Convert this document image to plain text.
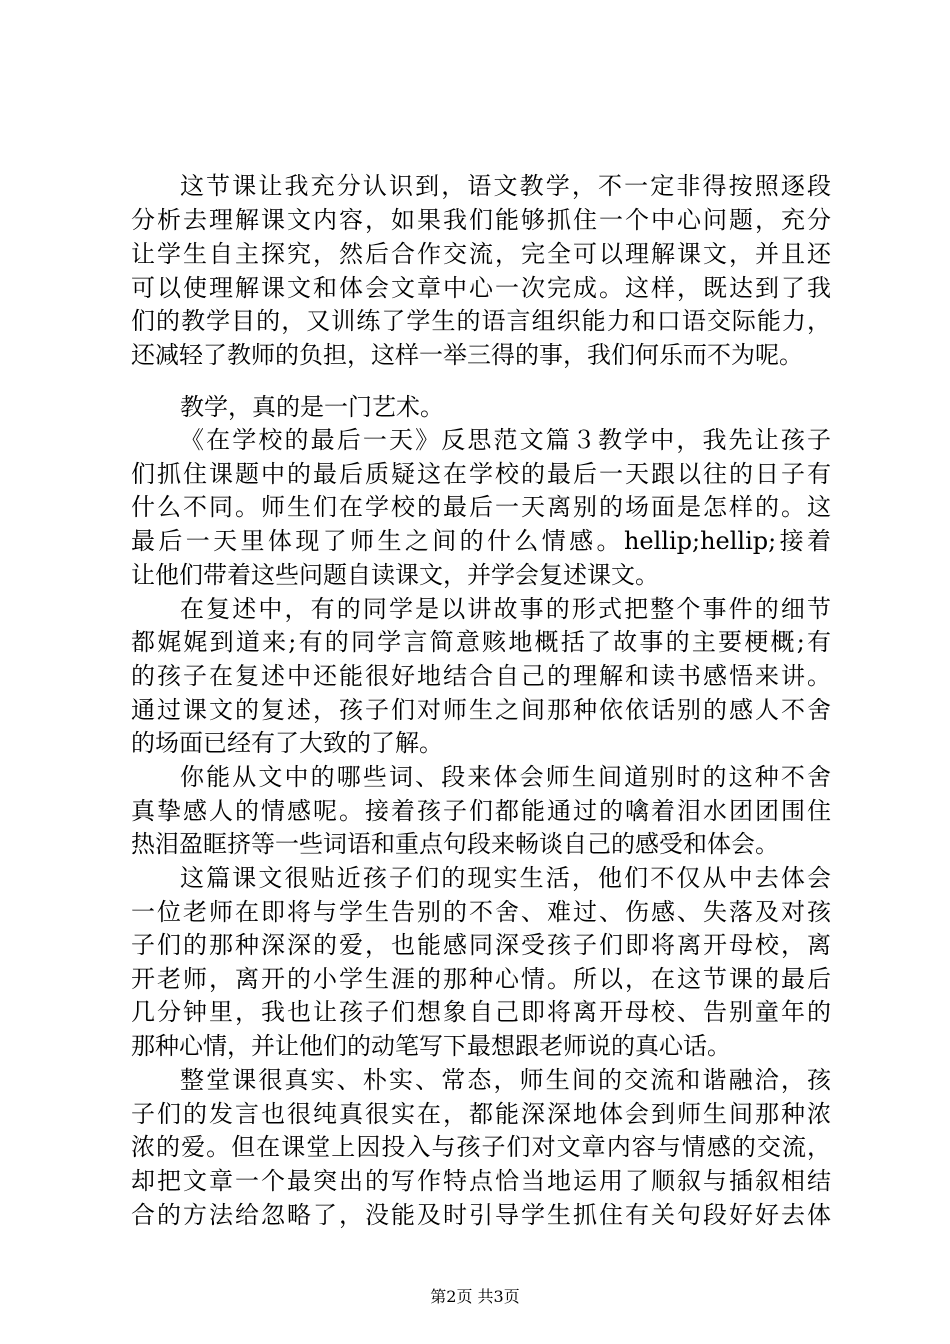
这节课让我充分认识到，语文教学，不一定非得按照逐段
分析去理解课文内容，如果我们能够抓住一个中心问题，充分
让学生自主探究，然后合作交流，完全可以理解课文，并且还
可以使理解课文和体会文章中心一次完成。这样，既达到了我
们的教学目的，又训练了学生的语言组织能力和口语交际能力，
还减轻了教师的负担，这样一举三得的事，我们何乐而不为呢。
教学，真的是一门艺术。
《在学校的最后一天》反思范文篇３教学中，我先让孩子
们抓住课题中的最后质疑这在学校的最后一天跟以往的日子有
什么不同。师生们在学校的最后一天离别的场面是怎样的。这
最后一天里体现了师生之间的什么情感。hellip;hellip;接着
让他们带着这些问题自读课文，并学会复述课文。
在复述中，有的同学是以讲故事的形式把整个事件的细节
都娓娓到道来;有的同学言简意赅地概括了故事的主要梗概;有
的孩子在复述中还能很好地结合自己的理解和读书感悟来讲。
通过课文的复述，孩子们对师生之间那种依依话别的感人不舍
的场面已经有了大致的了解。
你能从文中的哪些词、段来体会师生间道别时的这种不舍
真挚感人的情感呢。接着孩子们都能通过的噙着泪水团团围住
热泪盈眶挤等一些词语和重点句段来畅谈自己的感受和体会。
这篇课文很贴近孩子们的现实生活，他们不仅从中去体会
一位老师在即将与学生告别的不舍、难过、伤感、失落及对孩
子们的那种深深的爱，也能感同深受孩子们即将离开母校，离
开老师，离开的小学生涯的那种心情。所以，在这节课的最后
几分钟里，我也让孩子们想象自己即将离开母校、告别童年的
那种心情，并让他们的动笔写下最想跟老师说的真心话。
整堂课很真实、朴实、常态，师生间的交流和谐融洽，孩
子们的发言也很纯真很实在，都能深深地体会到师生间那种浓
浓的爱。但在课堂上因投入与孩子们对文章内容与情感的交流，
却把文章一个最突出的写作特点恰当地运用了顺叙与插叙相结
合的方法给忽略了，没能及时引导学生抓住有关句段好好去体
第2页 共3页
